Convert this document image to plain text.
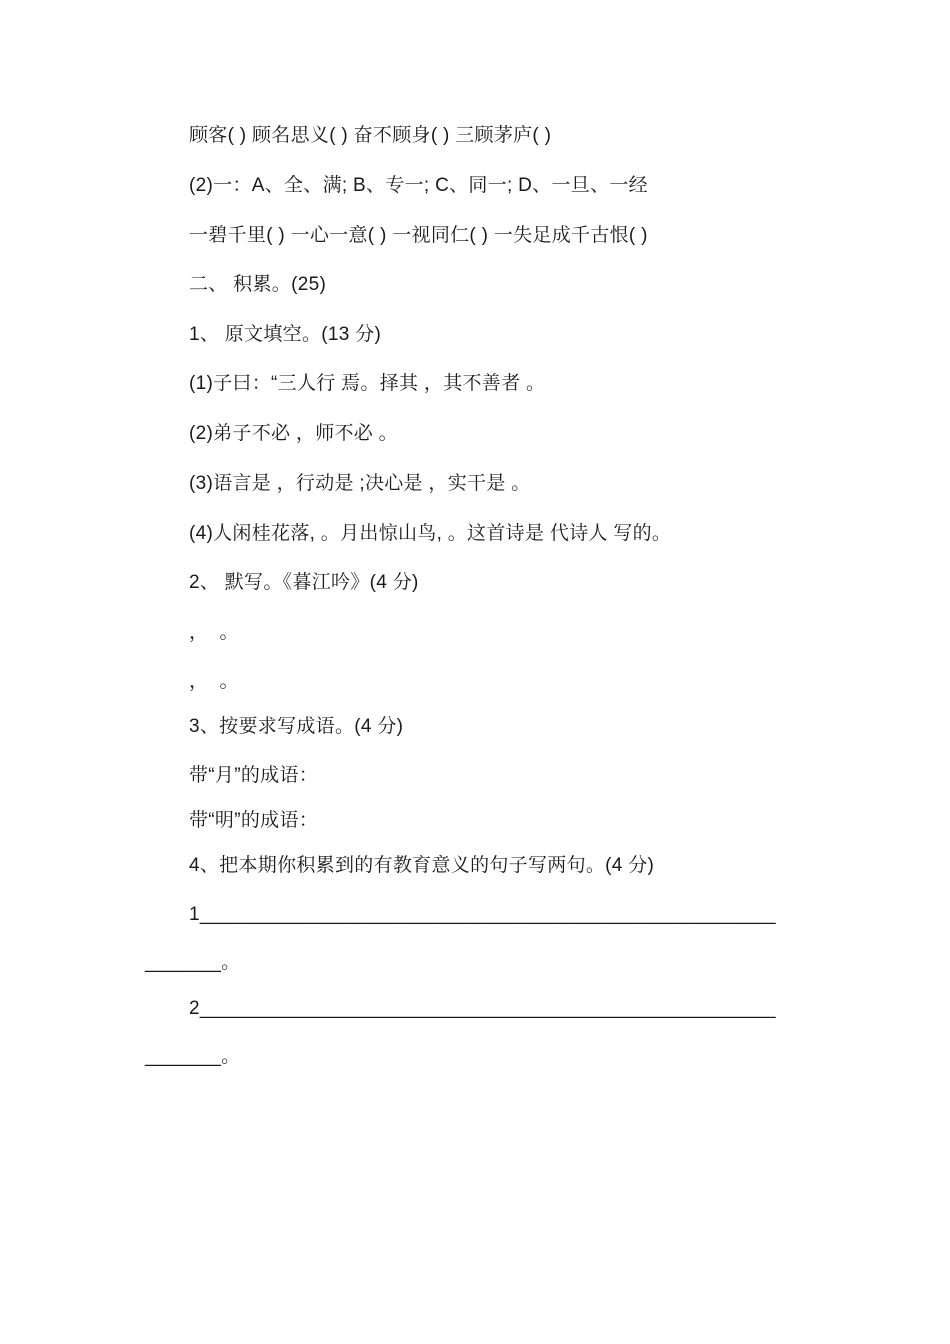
顾客( ) 顾名思义( ) 奋不顾身( ) 三顾茅庐( )
(2)一：A、全、满; B、专一; C、同一; D、一旦、一经
一碧千里( ) 一心一意( ) 一视同仁( ) 一失足成千古恨( )
二、 积累。(25)
1、 原文填空。(13 分)
(1)子曰：“三人行 焉。择其 ，其不善者 。
(2)弟子不必 ，师不必 。
(3)语言是 ，行动是 ;决心是 ，实干是 。
(4)人闲桂花落, 。月出惊山鸟, 。这首诗是 代诗人 写的。
2、 默写。《暮江吟》(4 分)
，  。
，  。
3、按要求写成语。(4 分)
带“月”的成语：
带“明”的成语：
4、把本期你积累到的有教育意义的句子写两句。(4 分)
1_____________________________________________________
_______。
2_____________________________________________________
_______。
